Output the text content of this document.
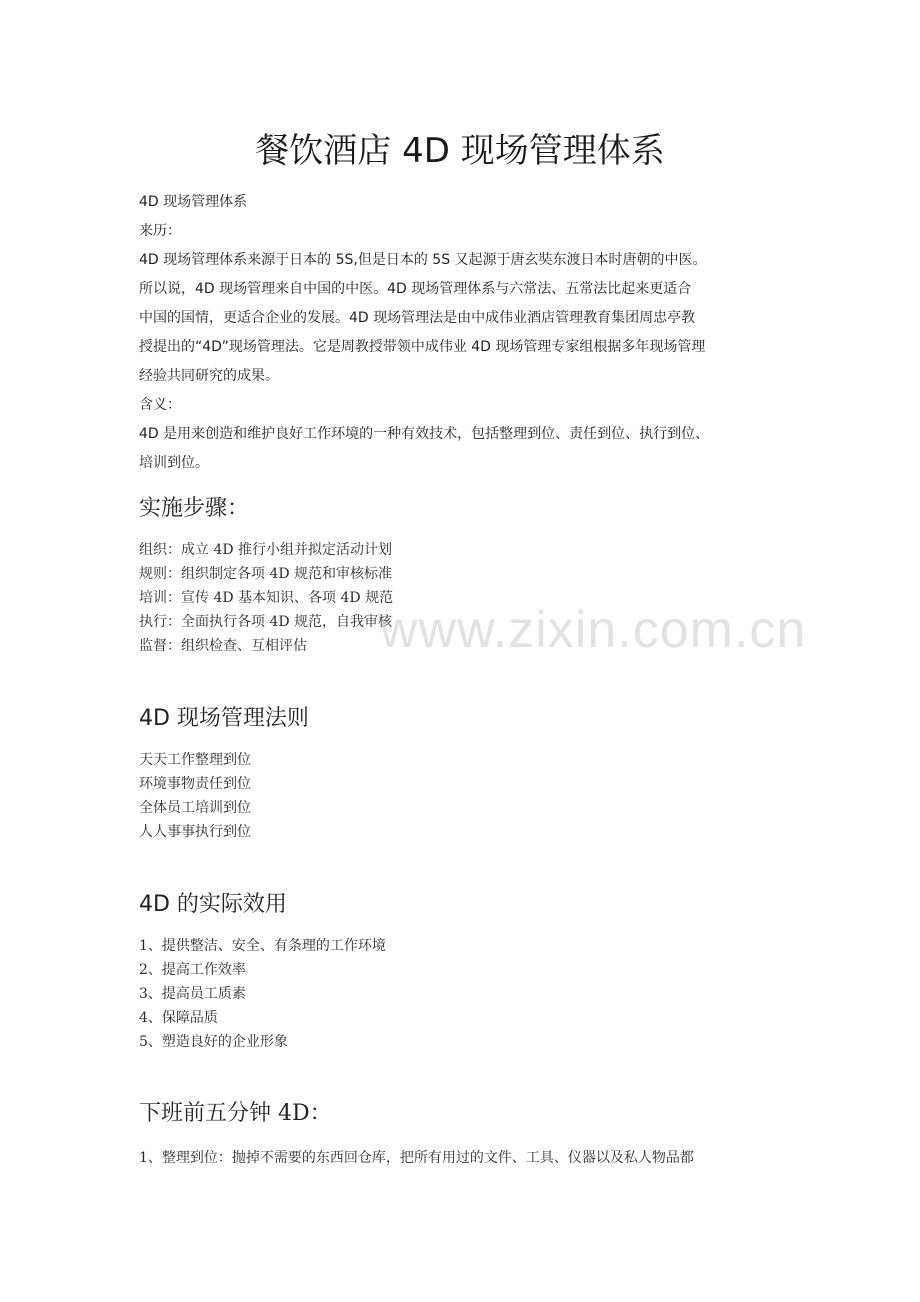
餐饮酒店 4D 现场管理体系
4D 现场管理体系
来历：
4D 现场管理体系来源于日本的 5S,但是日本的 5S 又起源于唐玄奘东渡日本时唐朝的中医。
所以说，4D 现场管理来自中国的中医。4D 现场管理体系与六常法、五常法比起来更适合
中国的国情，更适合企业的发展。4D 现场管理法是由中成伟业酒店管理教育集团周忠亭教
授提出的“4D”现场管理法。它是周教授带领中成伟业 4D 现场管理专家组根据多年现场管理
经验共同研究的成果。
含义：
4D 是用来创造和维护良好工作环境的一种有效技术，包括整理到位、责任到位、执行到位、
培训到位。
实施步骤：
组织：成立 4D 推行小组并拟定活动计划
规则：组织制定各项 4D 规范和审核标准
培训：宣传 4D 基本知识、各项 4D 规范
执行：全面执行各项 4D 规范，自我审核
监督：组织检查、互相评估
4D 现场管理法则
天天工作整理到位
环境事物责任到位
全体员工培训到位
人人事事执行到位
4D 的实际效用
1、提供整洁、安全、有条理的工作环境
2、提高工作效率
3、提高员工质素
4、保障品质
5、塑造良好的企业形象
下班前五分钟 4D：
1、整理到位：抛掉不需要的东西回仓库，把所有用过的文件、工具、仪器以及私人物品都
www.zixin.com.cn
